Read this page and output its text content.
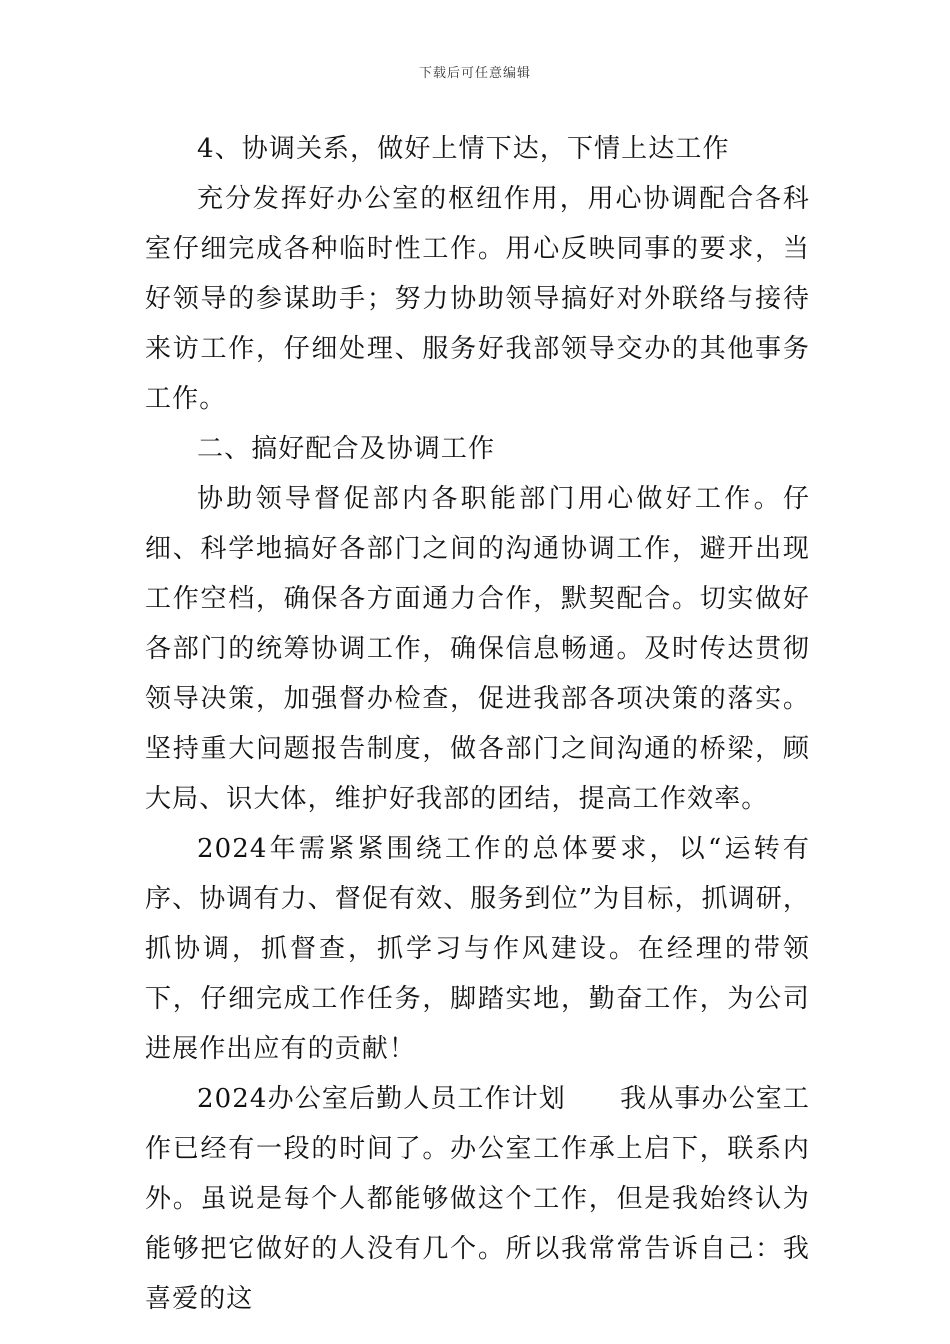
下载后可任意编辑

4、协调关系，做好上情下达，下情上达工作

充分发挥好办公室的枢纽作用，用心协调配合各科室仔细完成各种临时性工作。用心反映同事的要求，当好领导的参谋助手；努力协助领导搞好对外联络与接待来访工作，仔细处理、服务好我部领导交办的其他事务工作。

二、搞好配合及协调工作

协助领导督促部内各职能部门用心做好工作。仔细、科学地搞好各部门之间的沟通协调工作，避开出现工作空档，确保各方面通力合作，默契配合。切实做好各部门的统筹协调工作，确保信息畅通。及时传达贯彻领导决策，加强督办检查，促进我部各项决策的落实。坚持重大问题报告制度，做各部门之间沟通的桥梁，顾大局、识大体，维护好我部的团结，提高工作效率。

2024年需紧紧围绕工作的总体要求，以“运转有序、协调有力、督促有效、服务到位”为目标，抓调研，抓协调，抓督查，抓学习与作风建设。在经理的带领下，仔细完成工作任务，脚踏实地，勤奋工作，为公司进展作出应有的贡献！

2024办公室后勤人员工作计划　　我从事办公室工作已经有一段的时间了。办公室工作承上启下，联系内外。虽说是每个人都能够做这个工作，但是我始终认为能够把它做好的人没有几个。所以我常常告诉自己：我喜爱的这
